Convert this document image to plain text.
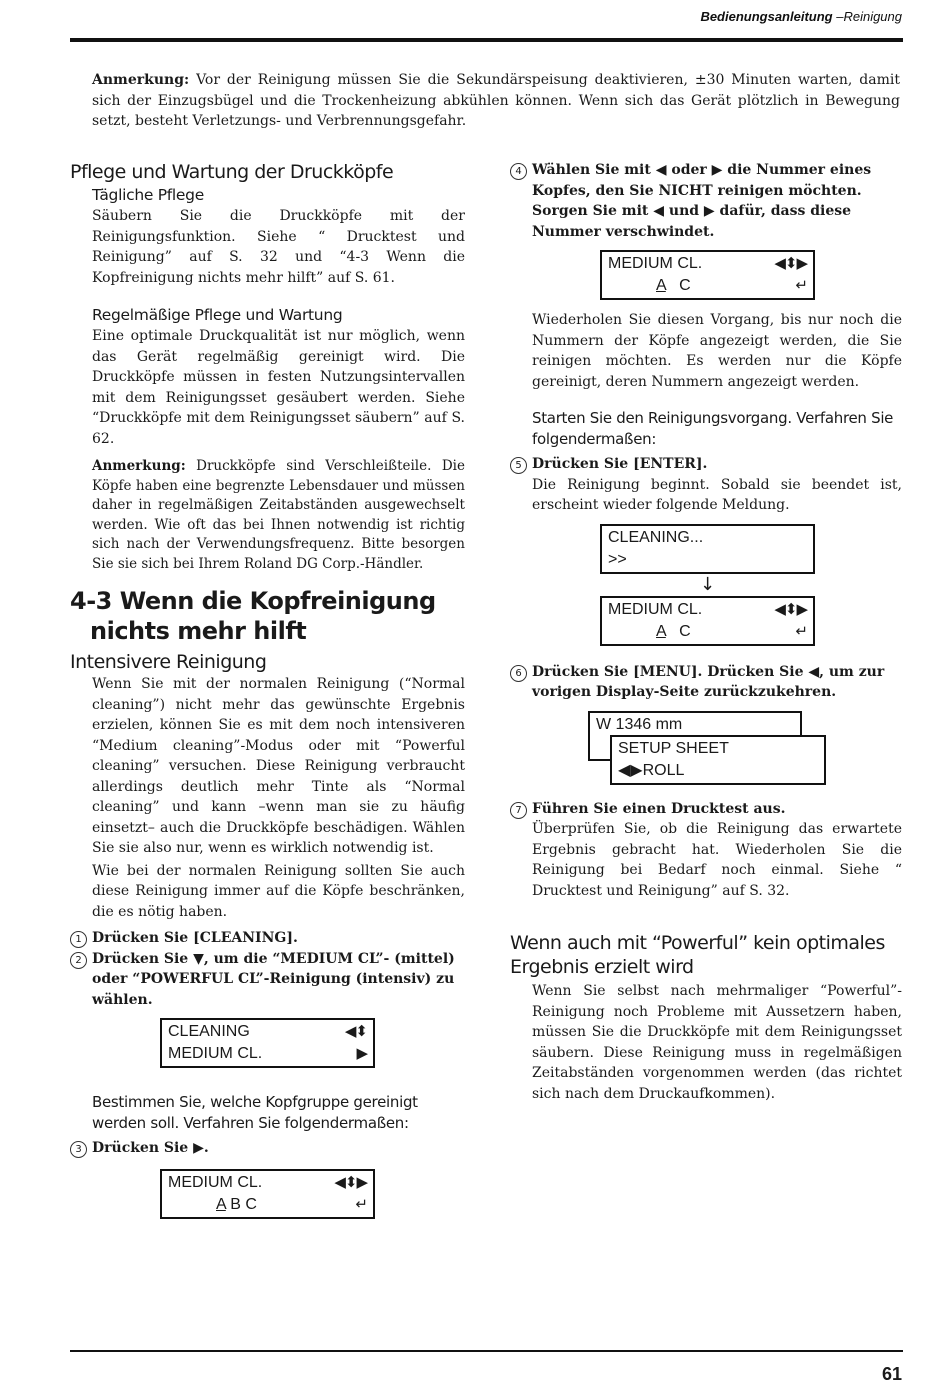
Bedienungsanleitung –Reinigung
Anmerkung: Vor der Reinigung müssen Sie die Sekundärspeisung deaktivieren, ±30 Minuten warten, damit sich der Einzugsbügel und die Trockenheizung abkühlen können. Wenn sich das Gerät plötzlich in Bewegung setzt, besteht Verletzungs- und Verbrennungsgefahr.
Pflege und Wartung der Druckköpfe
Tägliche Pflege

Säubern Sie die Druckköpfe mit der Reinigungsfunktion. Siehe “ Drucktest und Reinigung” auf S. 32 und “4-3 Wenn die Kopfreinigung nichts mehr hilft” auf S. 61.

Regelmäßige Pflege und Wartung

Eine optimale Druckqualität ist nur möglich, wenn das Gerät regelmäßig gereinigt wird. Die Druckköpfe müssen in festen Nutzungsintervallen mit dem Reinigungsset gesäubert werden. Siehe “Druckköpfe mit dem Reinigungsset säubern” auf S. 62.

Anmerkung: Druckköpfe sind Verschleißteile. Die Köpfe haben eine begrenzte Lebensdauer und müssen daher in regelmäßigen Zeitabständen ausgewechselt werden. Wie oft das bei Ihnen notwendig ist richtig sich nach der Verwendungsfrequenz. Bitte besorgen Sie sie sich bei Ihrem Roland DG Corp.-Händler.

4-3 Wenn die Kopfreinigung
nichts mehr hilft
Intensivere Reinigung

Wenn Sie mit der normalen Reinigung (“Normal cleaning”) nicht mehr das gewünschte Ergebnis erzielen, können Sie es mit dem noch intensiveren “Medium cleaning”-Modus oder mit “Powerful cleaning” versuchen. Diese Reinigung verbraucht allerdings deutlich mehr Tinte als “Normal cleaning” und kann –wenn man sie zu häufig einsetzt– auch die Druckköpfe beschädigen. Wählen Sie sie also nur, wenn es wirklich notwendig ist.

Wie bei der normalen Reinigung sollten Sie auch diese Reinigung immer auf die Köpfe beschränken, die es nötig haben.

1 Drücken Sie [CLEANING].
2 Drücken Sie ▼, um die “MEDIUM CL”- (mittel) oder “POWERFUL CL”-Reinigung (intensiv) zu wählen.
CLEANING	◀⬍
MEDIUM CL.	▶
Bestimmen Sie, welche Kopfgruppe gereinigt werden soll. Verfahren Sie folgendermaßen:
3 Drücken Sie ▶.
MEDIUM CL.	◀⬍▶
A B C	↵
4 Wählen Sie mit ◀ oder ▶ die Nummer eines Kopfes, den Sie NICHT reinigen möchten. Sorgen Sie mit ◀ und ▶ dafür, dass diese Nummer verschwindet.
MEDIUM CL.	◀⬍▶
A   C	↵

Wiederholen Sie diesen Vorgang, bis nur noch die Nummern der Köpfe angezeigt werden, die Sie reinigen möchten. Es werden nur die Köpfe gereinigt, deren Nummern angezeigt werden.

Starten Sie den Reinigungsvorgang. Verfahren Sie folgendermaßen:
5 Drücken Sie [ENTER].

Die Reinigung beginnt. Sobald sie beendet ist, erscheint wieder folgende Meldung.

CLEANING...
>>
↓
MEDIUM CL.	◀⬍▶
A   C	↵
6 Drücken Sie [MENU]. Drücken Sie ◀, um zur vorigen Display-Seite zurückzukehren.
W 1346 mm
SETUP SHEET
◀▶ROLL
7 Führen Sie einen Drucktest aus.

Überprüfen Sie, ob die Reinigung das erwartete Ergebnis gebracht hat. Wiederholen Sie die Reinigung bei Bedarf noch einmal. Siehe “ Drucktest und Reinigung” auf S. 32.

Wenn auch mit “Powerful” kein optimales Ergebnis erzielt wird

Wenn Sie selbst nach mehrmaliger “Powerful”-Reinigung noch Probleme mit Aussetzern haben, müssen Sie die Druckköpfe mit dem Reinigungsset säubern. Diese Reinigung muss in regelmäßigen Zeitabständen vorgenommen werden (das richtet sich nach dem Druckaufkommen).

61
